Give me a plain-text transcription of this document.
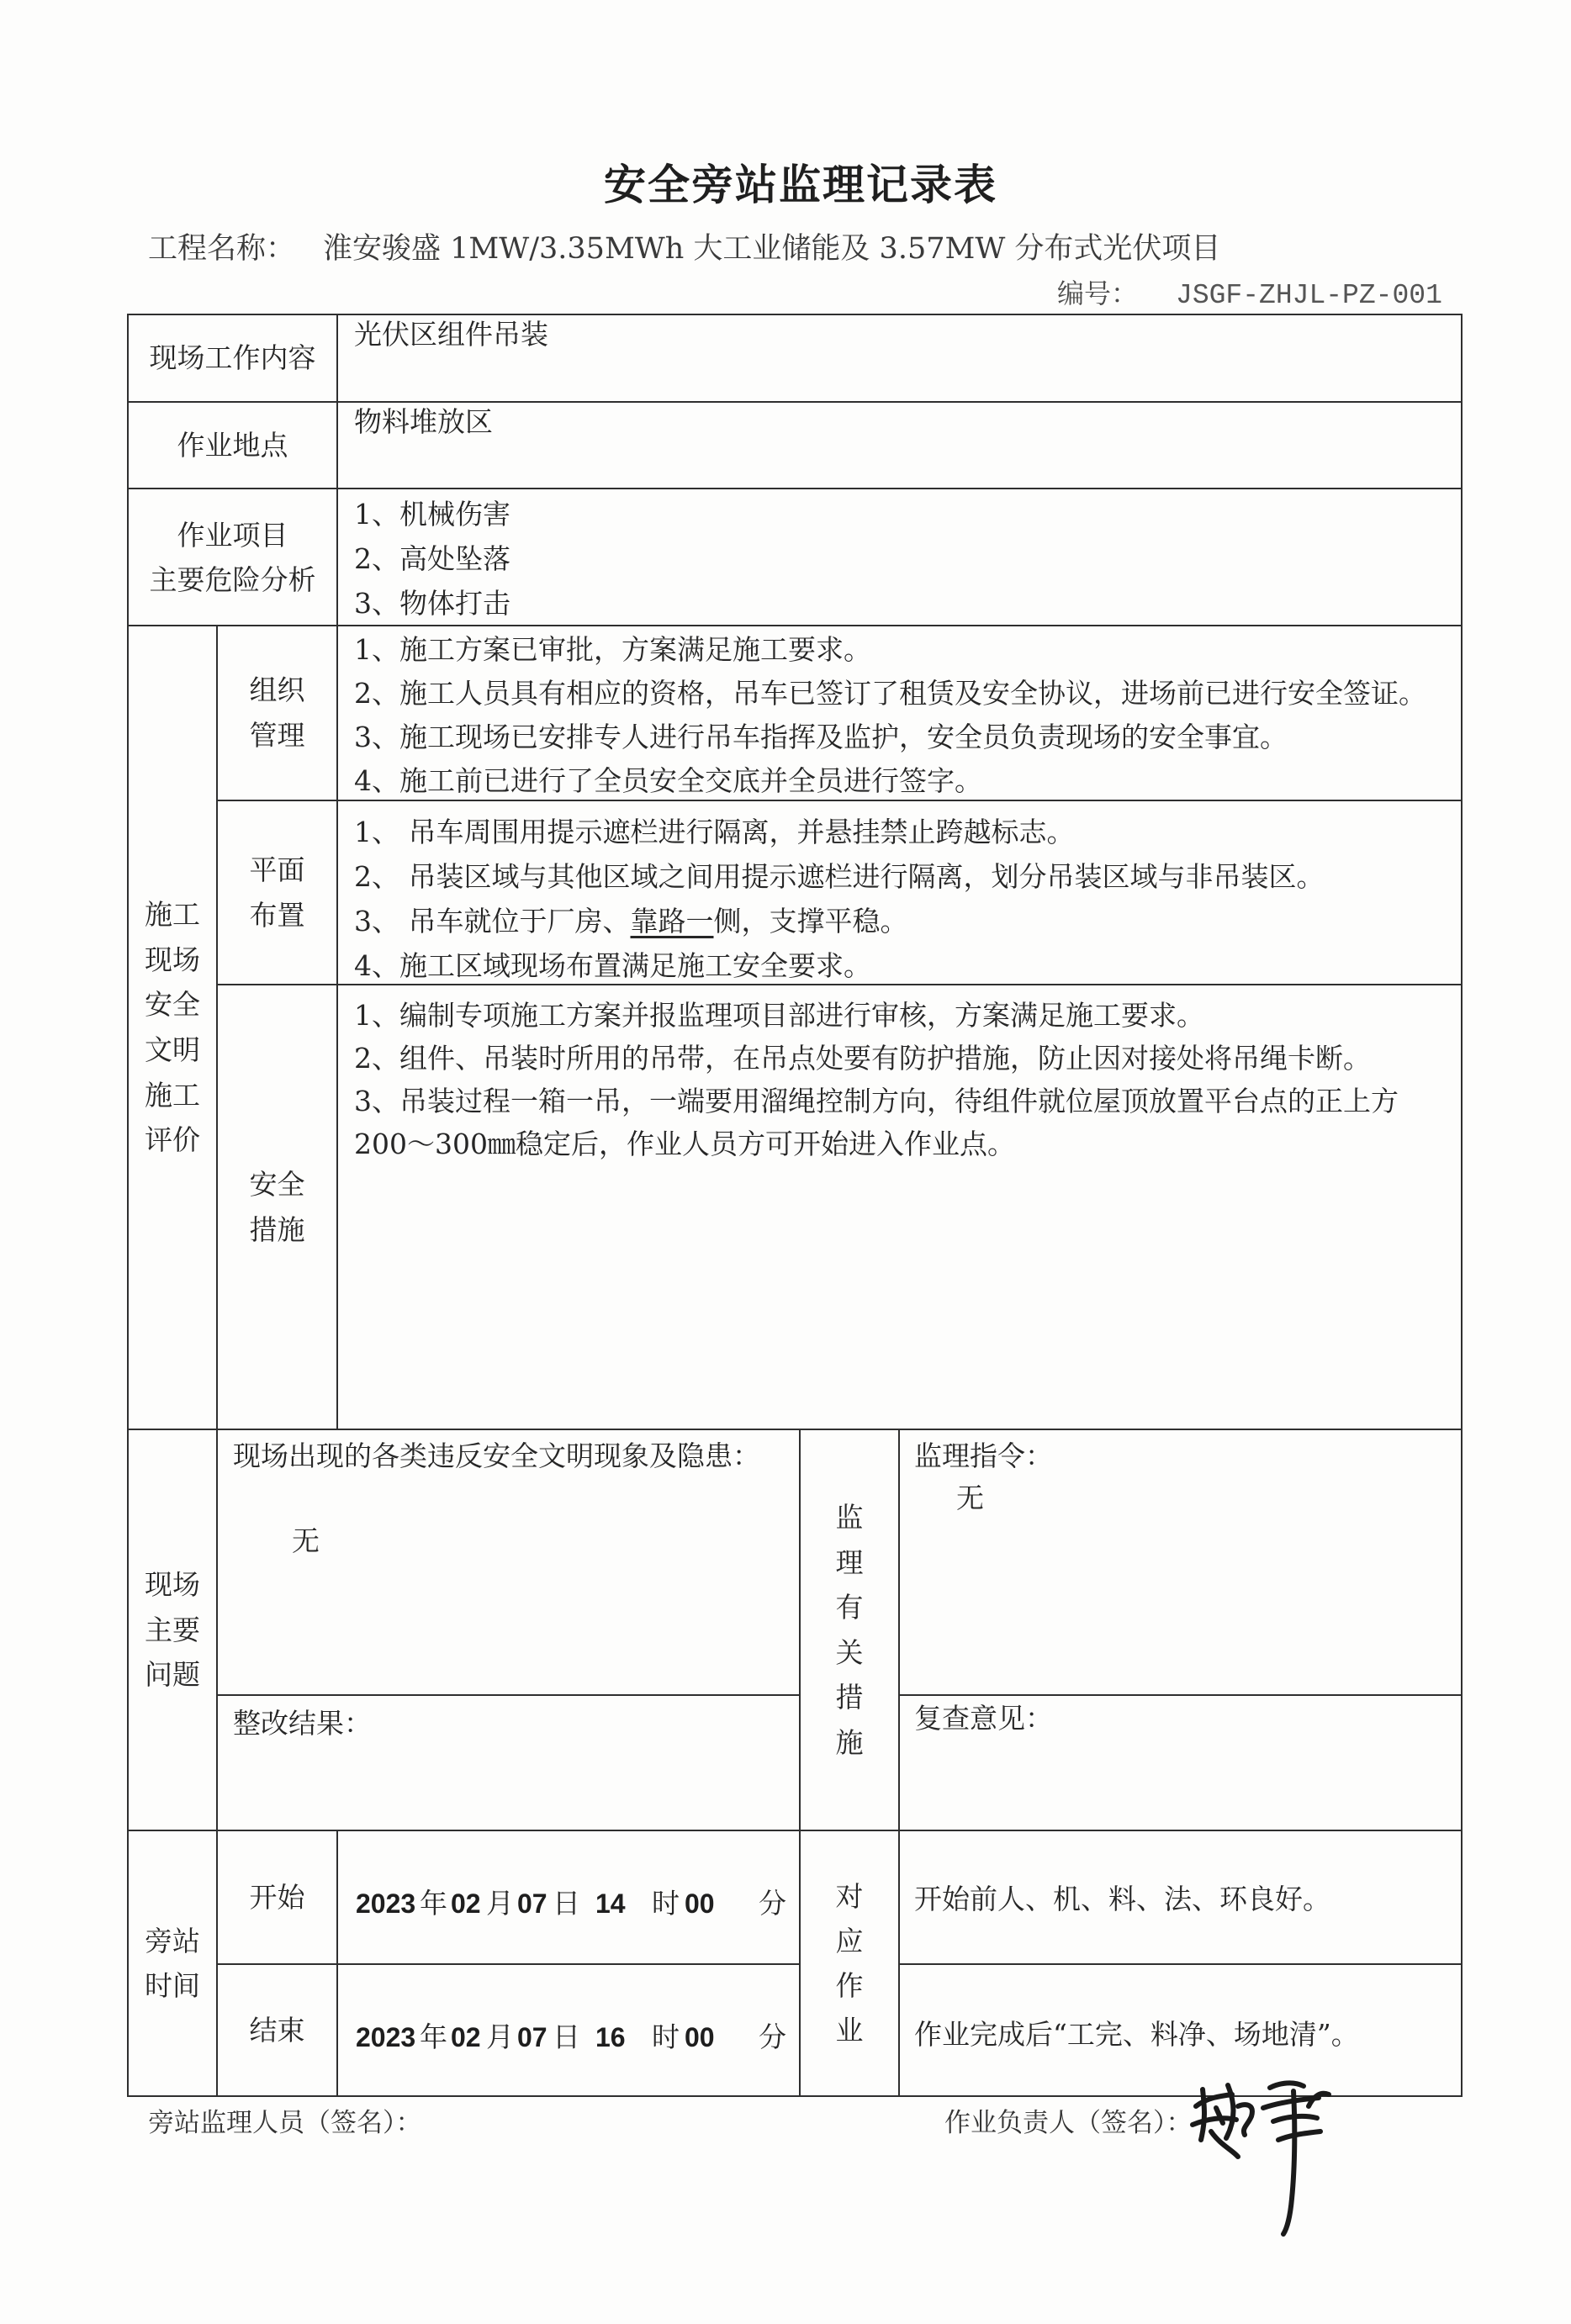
安全旁站监理记录表
工程名称： 淮安骏盛 1MW/3.35MWh 大工业储能及 3.57MW 分布式光伏项目
编号： JSGF-ZHJL-PZ-001
现场工作内容
光伏区组件吊装
作业地点
物料堆放区
作业项目
主要危险分析
1、机械伤害
2、高处坠落
3、物体打击
施工
现场
安全
文明
施工
评价
组织
管理
1、施工方案已审批，方案满足施工要求。
2、施工人员具有相应的资格，吊车已签订了租赁及安全协议，进场前已进行安全签证。
3、施工现场已安排专人进行吊车指挥及监护，安全员负责现场的安全事宜。
4、施工前已进行了全员安全交底并全员进行签字。
平面
布置
1、 吊车周围用提示遮栏进行隔离，并悬挂禁止跨越标志。
2、 吊装区域与其他区域之间用提示遮栏进行隔离，划分吊装区域与非吊装区。
3、 吊车就位于厂房、靠路一侧，支撑平稳。
4、施工区域现场布置满足施工安全要求。
安全
措施
1、编制专项施工方案并报监理项目部进行审核，方案满足施工要求。
2、组件、吊装时所用的吊带，在吊点处要有防护措施，防止因对接处将吊绳卡断。
3、吊装过程一箱一吊，一端要用溜绳控制方向，待组件就位屋顶放置平台点的正上方
200～300㎜稳定后，作业人员方可开始进入作业点。
现场
主要
问题
现场出现的各类违反安全文明现象及隐患：
无
整改结果：
监理
有关
措施
监理指令：
无
复查意见：
旁站
时间
开始 2023 年 02 月 07 日 14 时 00 分
结束 2023 年 02 月 07 日 16 时 00 分
对应
作业
开始前人、机、料、法、环良好。
作业完成后“工完、料净、场地清”。
旁站监理人员（签名）：	作业负责人（签名）：
